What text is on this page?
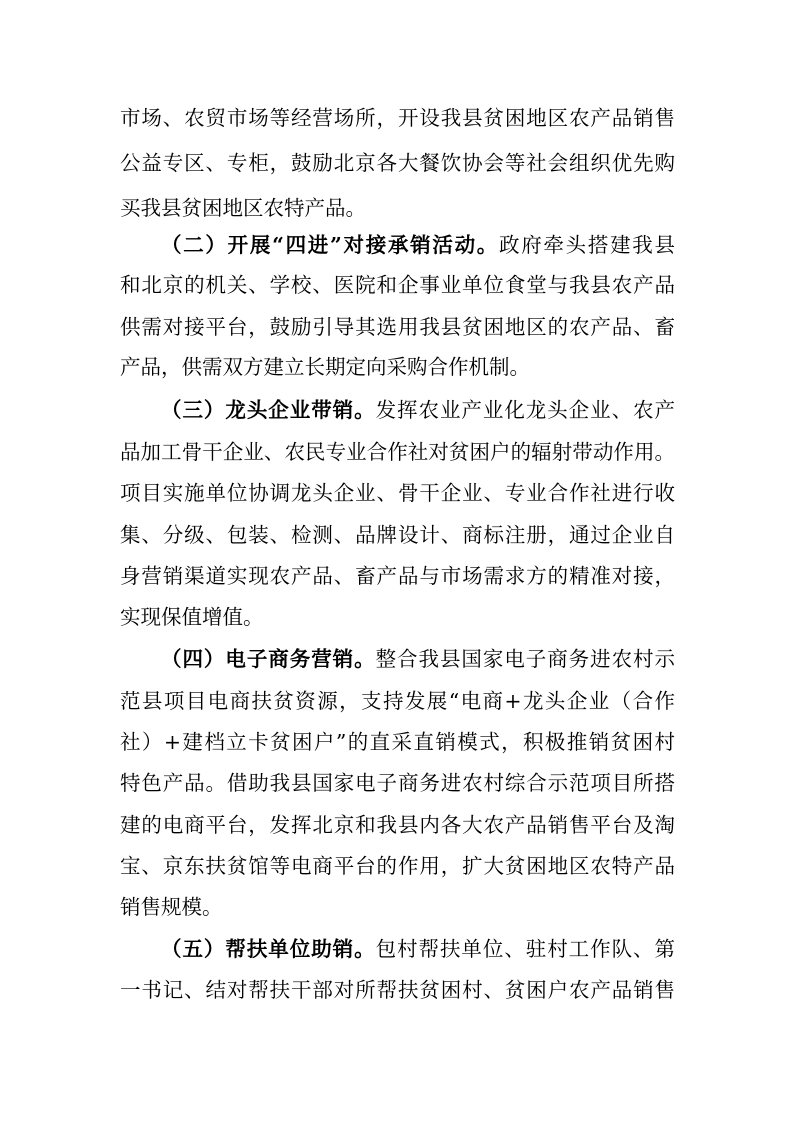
市场、农贸市场等经营场所，开设我县贫困地区农产品销售
公益专区、专柜，鼓励北京各大餐饮协会等社会组织优先购
买我县贫困地区农特产品。
（二）开展“四进”对接承销活动。政府牵头搭建我县
和北京的机关、学校、医院和企事业单位食堂与我县农产品
供需对接平台，鼓励引导其选用我县贫困地区的农产品、畜
产品，供需双方建立长期定向采购合作机制。
（三）龙头企业带销。发挥农业产业化龙头企业、农产
品加工骨干企业、农民专业合作社对贫困户的辐射带动作用。
项目实施单位协调龙头企业、骨干企业、专业合作社进行收
集、分级、包装、检测、品牌设计、商标注册，通过企业自
身营销渠道实现农产品、畜产品与市场需求方的精准对接，
实现保值增值。
（四）电子商务营销。整合我县国家电子商务进农村示
范县项目电商扶贫资源，支持发展“电商+龙头企业（合作
社）+建档立卡贫困户”的直采直销模式，积极推销贫困村
特色产品。借助我县国家电子商务进农村综合示范项目所搭
建的电商平台，发挥北京和我县内各大农产品销售平台及淘
宝、京东扶贫馆等电商平台的作用，扩大贫困地区农特产品
销售规模。
（五）帮扶单位助销。包村帮扶单位、驻村工作队、第
一书记、结对帮扶干部对所帮扶贫困村、贫困户农产品销售
